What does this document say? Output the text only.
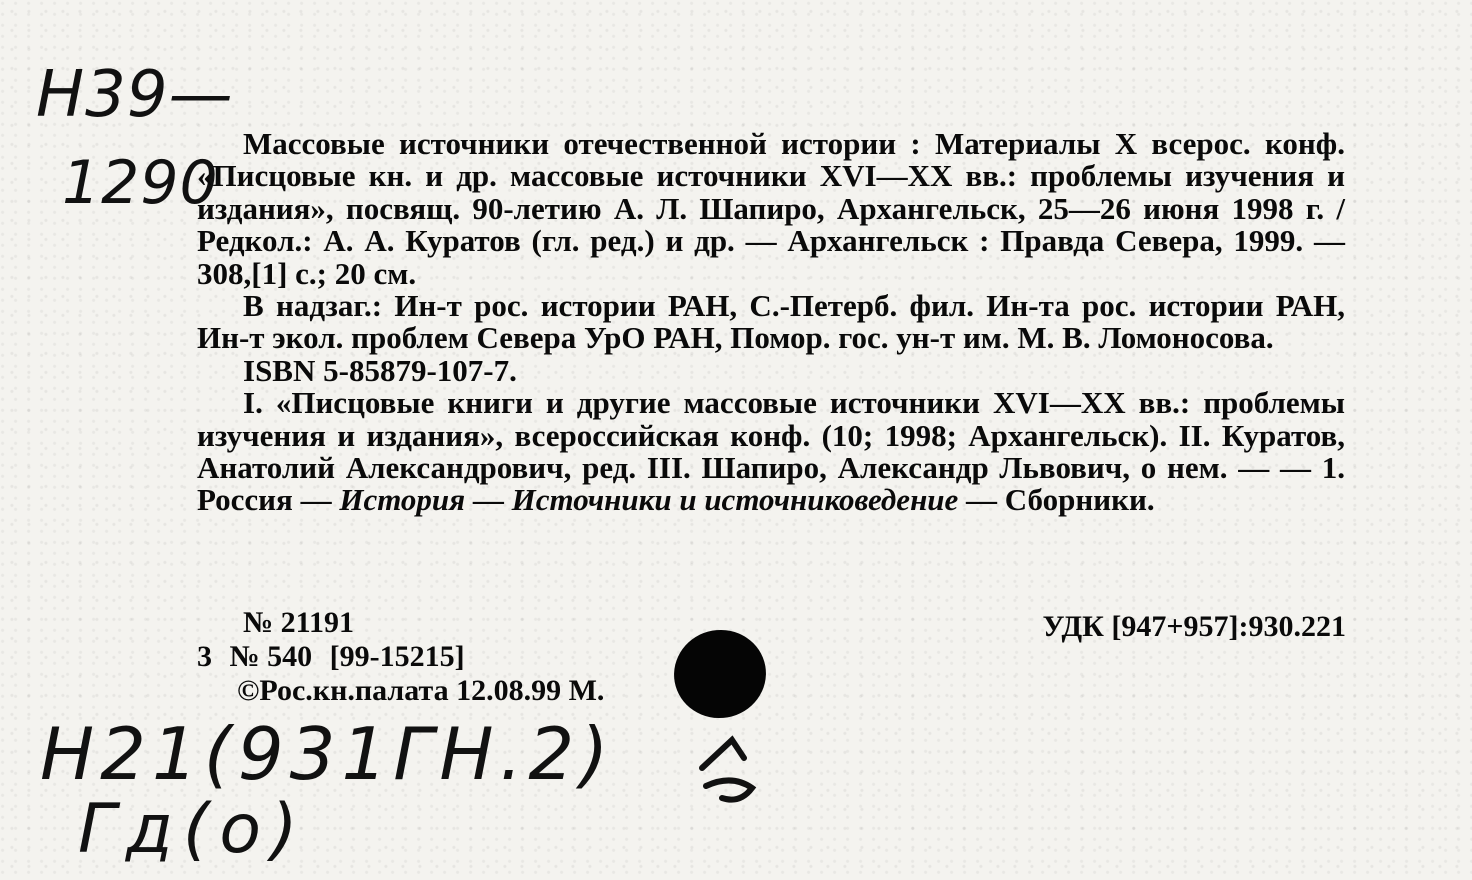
Н39—
1290

Массовые источники отечественной истории : Материалы X всерос. конф. «Писцовые кн. и др. массовые источники XVI—XX вв.: проблемы изучения и издания», посвящ. 90-летию А. Л. Шапиро, Архангельск, 25—26 июня 1998 г. / Редкол.: А. А. Куратов (гл. ред.) и др. — Архангельск : Правда Севера, 1999. — 308,[1] с.; 20 см.

В надзаг.: Ин-т рос. истории РАН, С.-Петерб. фил. Ин-та рос. истории РАН, Ин-т экол. проблем Севера УрО РАН, Помор. гос. ун-т им. М. В. Ломоносова.

ISBN 5-85879-107-7.

I. «Писцовые книги и другие массовые источники XVI—XX вв.: проблемы изучения и издания», всероссийская конф. (10; 1998; Архангельск). II. Куратов, Анатолий Александрович, ред. III. Шапиро, Александр Львович, о нем. — — 1. Россия — История — Источники и источниковедение — Сборники.

№ 21191
3 № 540 [99-15215]
©Рос.кн.палата 12.08.99 М.
УДК [947+957]:930.221
Н21(931ГН.2)
Гд(о)
